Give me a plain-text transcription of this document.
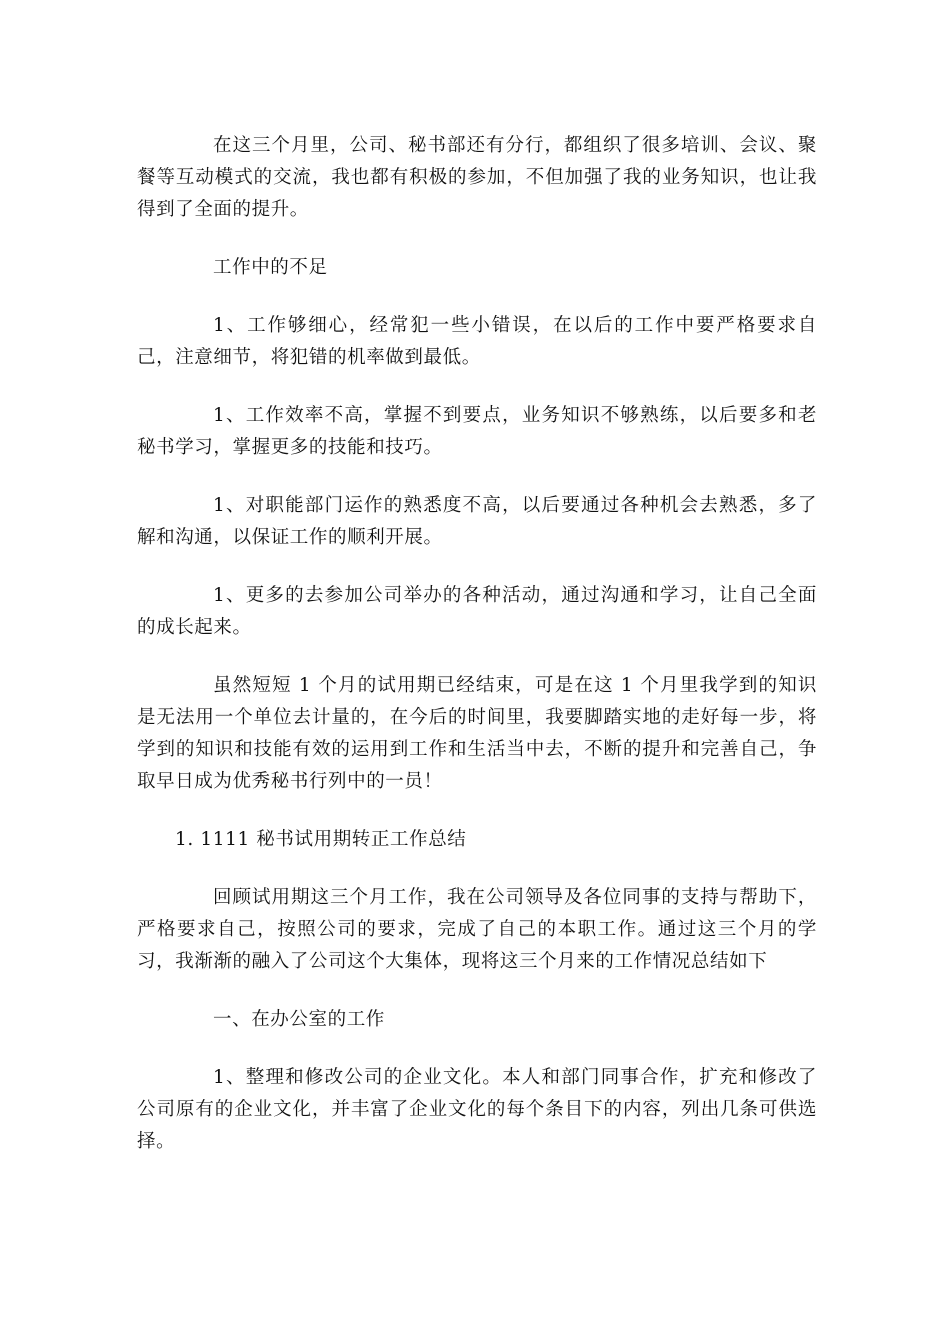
在这三个月里，公司、秘书部还有分行，都组织了很多培训、会议、聚餐等互动模式的交流，我也都有积极的参加，不但加强了我的业务知识，也让我得到了全面的提升。

工作中的不足

1、工作够细心，经常犯一些小错误，在以后的工作中要严格要求自己，注意细节，将犯错的机率做到最低。

1、工作效率不高，掌握不到要点，业务知识不够熟练，以后要多和老秘书学习，掌握更多的技能和技巧。

1、对职能部门运作的熟悉度不高，以后要通过各种机会去熟悉，多了解和沟通，以保证工作的顺利开展。

1、更多的去参加公司举办的各种活动，通过沟通和学习，让自己全面的成长起来。

虽然短短 1 个月的试用期已经结束，可是在这 1 个月里我学到的知识是无法用一个单位去计量的，在今后的时间里，我要脚踏实地的走好每一步，将学到的知识和技能有效的运用到工作和生活当中去，不断的提升和完善自己，争取早日成为优秀秘书行列中的一员！

1. 1111 秘书试用期转正工作总结

回顾试用期这三个月工作，我在公司领导及各位同事的支持与帮助下，严格要求自己，按照公司的要求，完成了自己的本职工作。通过这三个月的学习，我渐渐的融入了公司这个大集体，现将这三个月来的工作情况总结如下

一、在办公室的工作

1、整理和修改公司的企业文化。本人和部门同事合作，扩充和修改了公司原有的企业文化，并丰富了企业文化的每个条目下的内容，列出几条可供选择。
